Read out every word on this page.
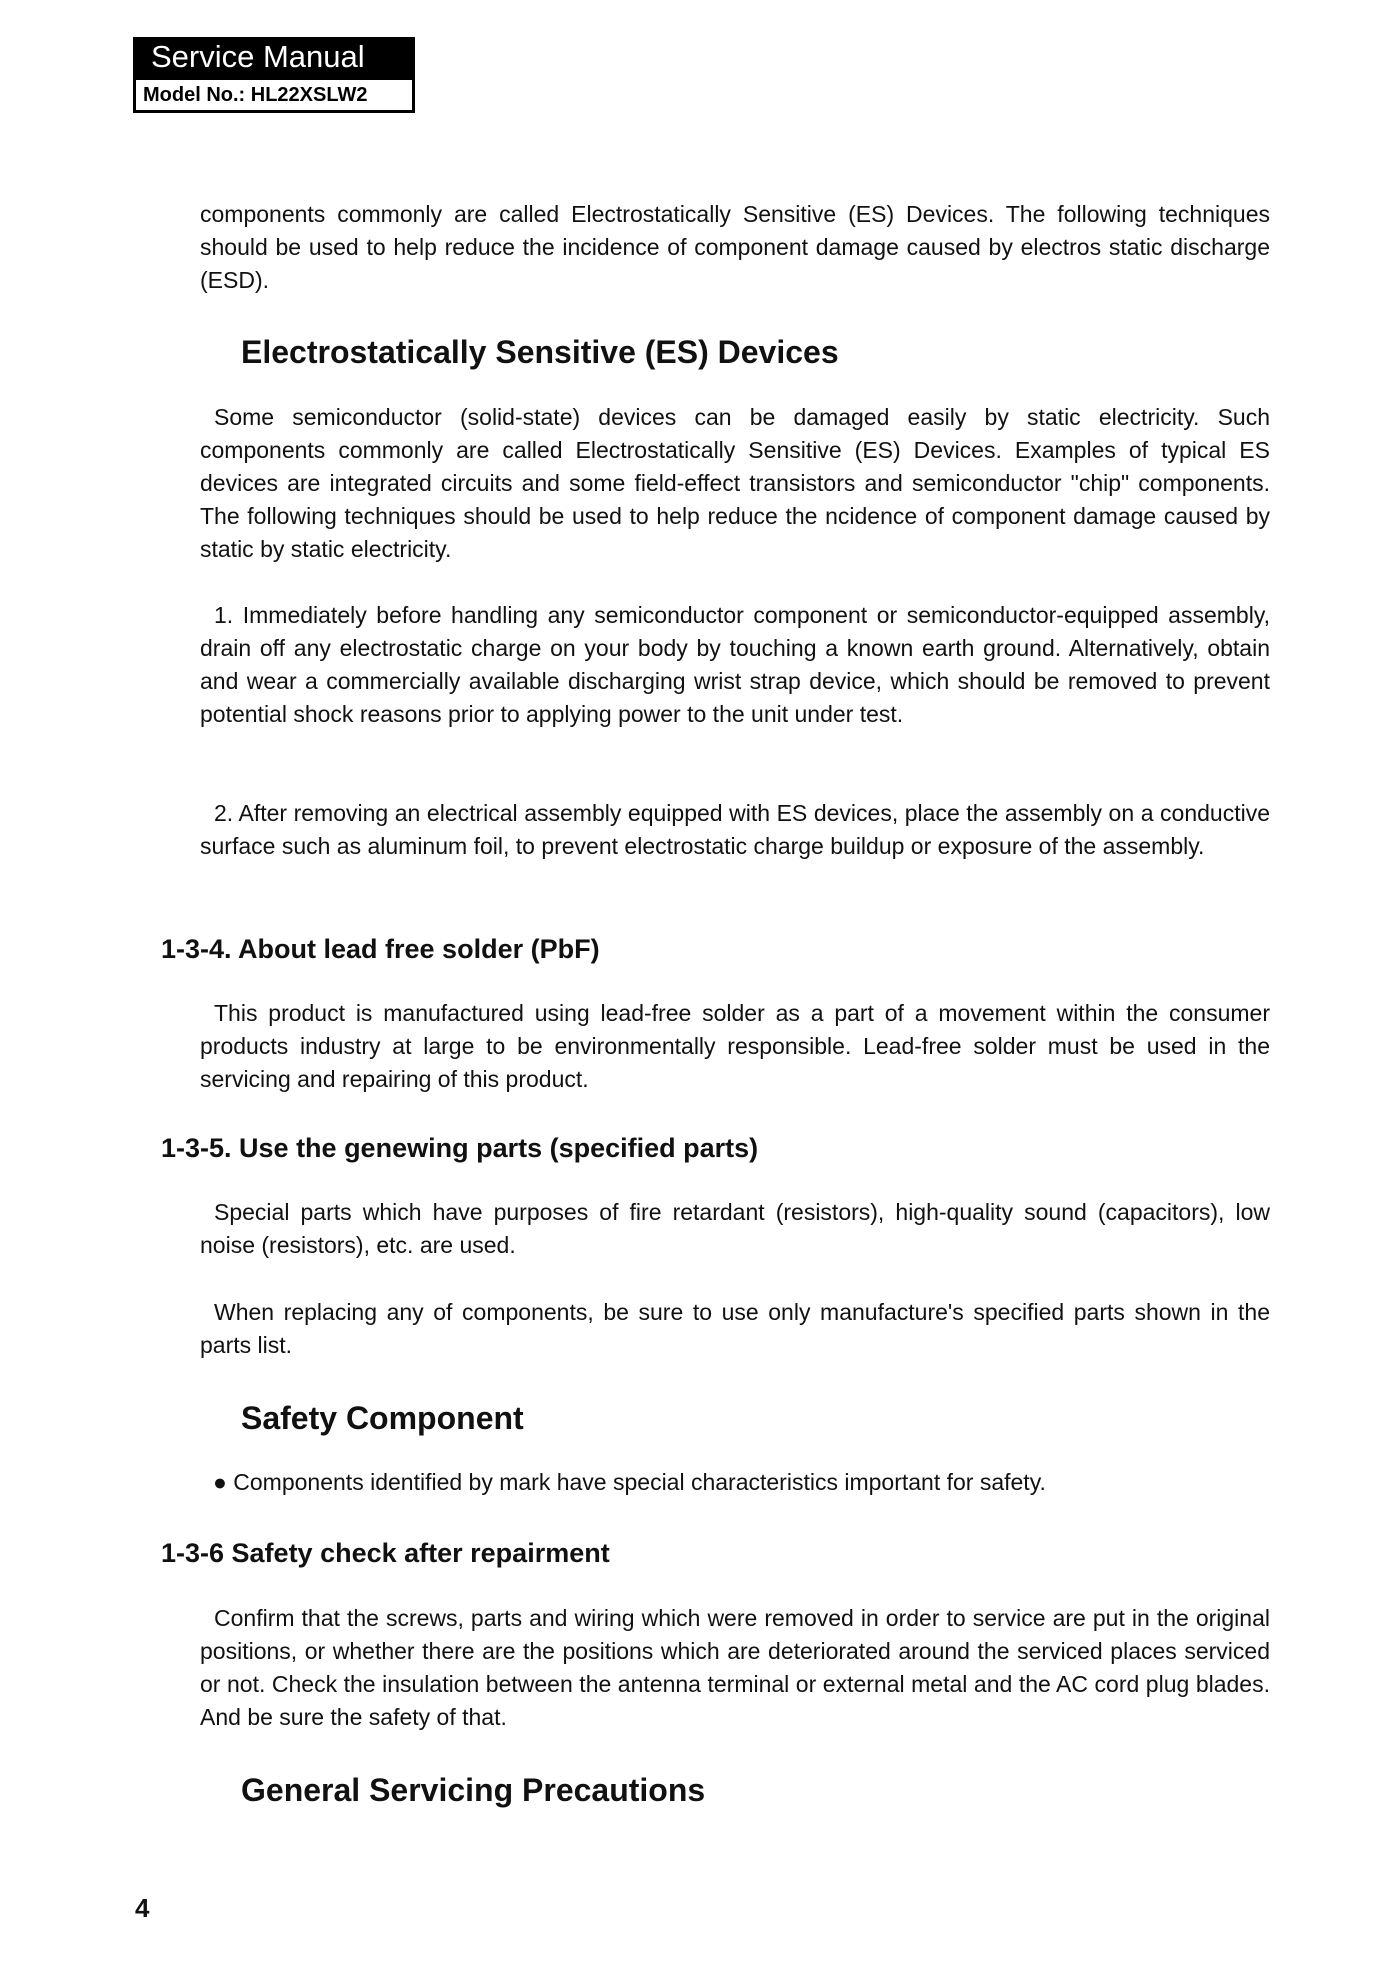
Service Manual
Model No.: HL22XSLW2

components commonly are called Electrostatically Sensitive (ES) Devices. The following techniques should be used to help reduce the incidence of component damage caused by electros static discharge (ESD).

Electrostatically Sensitive (ES) Devices

Some semiconductor (solid-state) devices can be damaged easily by static electricity. Such components commonly are called Electrostatically Sensitive (ES) Devices. Examples of typical ES devices are integrated circuits and some field-effect transistors and semiconductor "chip" components. The following techniques should be used to help reduce the ncidence of component damage caused by static by static electricity.

1. Immediately before handling any semiconductor component or semiconductor-equipped assembly, drain off any electrostatic charge on your body by touching a known earth ground. Alternatively, obtain and wear a commercially available discharging wrist strap device, which should be removed to prevent potential shock reasons prior to applying power to the unit under test.

2. After removing an electrical assembly equipped with ES devices, place the assembly on a conductive surface such as aluminum foil, to prevent electrostatic charge buildup or exposure of the assembly.

1-3-4. About lead free solder (PbF)

This product is manufactured using lead-free solder as a part of a movement within the consumer products industry at large to be environmentally responsible. Lead-free solder must be used in the servicing and repairing of this product.

1-3-5. Use the genewing parts (specified parts)

Special parts which have purposes of fire retardant (resistors), high-quality sound (capacitors), low noise (resistors), etc. are used.

When replacing any of components, be sure to use only manufacture's specified parts shown in the parts list.

Safety Component

● Components identified by mark have special characteristics important for safety.

1-3-6 Safety check after repairment

Confirm that the screws, parts and wiring which were removed in order to service are put in the original positions, or whether there are the positions which are deteriorated around the serviced places serviced or not. Check the insulation between the antenna terminal or external metal and the AC cord plug blades. And be sure the safety of that.

General Servicing Precautions
4
